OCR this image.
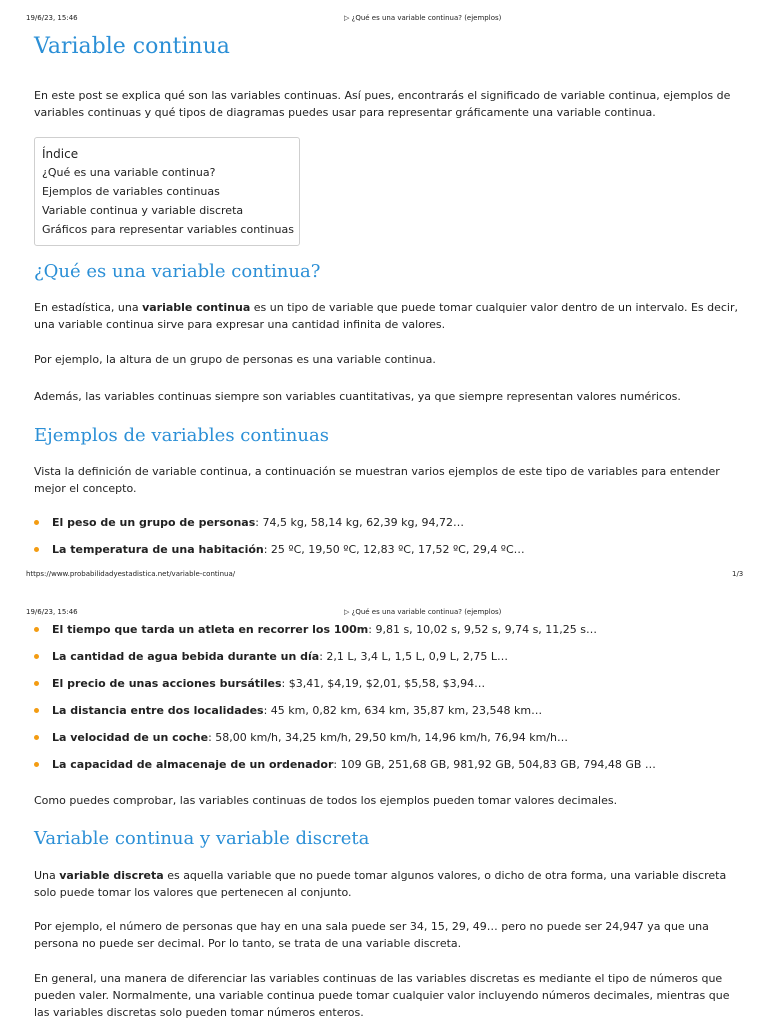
19/6/23, 15:46	▷ ¿Qué es una variable continua? (ejemplos)
Variable continua

En este post se explica qué son las variables continuas. Así pues, encontrarás el significado de variable continua, ejemplos de variables continuas y qué tipos de diagramas puedes usar para representar gráficamente una variable continua.

Índice
¿Qué es una variable continua?
Ejemplos de variables continuas
Variable continua y variable discreta
Gráficos para representar variables continuas
¿Qué es una variable continua?

En estadística, una variable continua es un tipo de variable que puede tomar cualquier valor dentro de un intervalo. Es decir, una variable continua sirve para expresar una cantidad infinita de valores.

Por ejemplo, la altura de un grupo de personas es una variable continua.

Además, las variables continuas siempre son variables cuantitativas, ya que siempre representan valores numéricos.

Ejemplos de variables continuas

Vista la definición de variable continua, a continuación se muestran varios ejemplos de este tipo de variables para entender mejor el concepto.

El peso de un grupo de personas: 74,5 kg, 58,14 kg, 62,39 kg, 94,72…
La temperatura de una habitación: 25 ºC, 19,50 ºC, 12,83 ºC, 17,52 ºC, 29,4 ºC…
https://www.probabilidadyestadistica.net/variable-continua/	1/3
19/6/23, 15:46	▷ ¿Qué es una variable continua? (ejemplos)
El tiempo que tarda un atleta en recorrer los 100m: 9,81 s, 10,02 s, 9,52 s, 9,74 s, 11,25 s…
La cantidad de agua bebida durante un día: 2,1 L, 3,4 L, 1,5 L, 0,9 L, 2,75 L…
El precio de unas acciones bursátiles: $3,41, $4,19, $2,01, $5,58, $3,94…
La distancia entre dos localidades: 45 km, 0,82 km, 634 km, 35,87 km, 23,548 km…
La velocidad de un coche: 58,00 km/h, 34,25 km/h, 29,50 km/h, 14,96 km/h, 76,94 km/h…
La capacidad de almacenaje de un ordenador: 109 GB, 251,68 GB, 981,92 GB, 504,83 GB, 794,48 GB …

Como puedes comprobar, las variables continuas de todos los ejemplos pueden tomar valores decimales.

Variable continua y variable discreta

Una variable discreta es aquella variable que no puede tomar algunos valores, o dicho de otra forma, una variable discreta solo puede tomar los valores que pertenecen al conjunto.

Por ejemplo, el número de personas que hay en una sala puede ser 34, 15, 29, 49… pero no puede ser 24,947 ya que una persona no puede ser decimal. Por lo tanto, se trata de una variable discreta.

En general, una manera de diferenciar las variables continuas de las variables discretas es mediante el tipo de números que pueden valer. Normalmente, una variable continua puede tomar cualquier valor incluyendo números decimales, mientras que las variables discretas solo pueden tomar números enteros.
